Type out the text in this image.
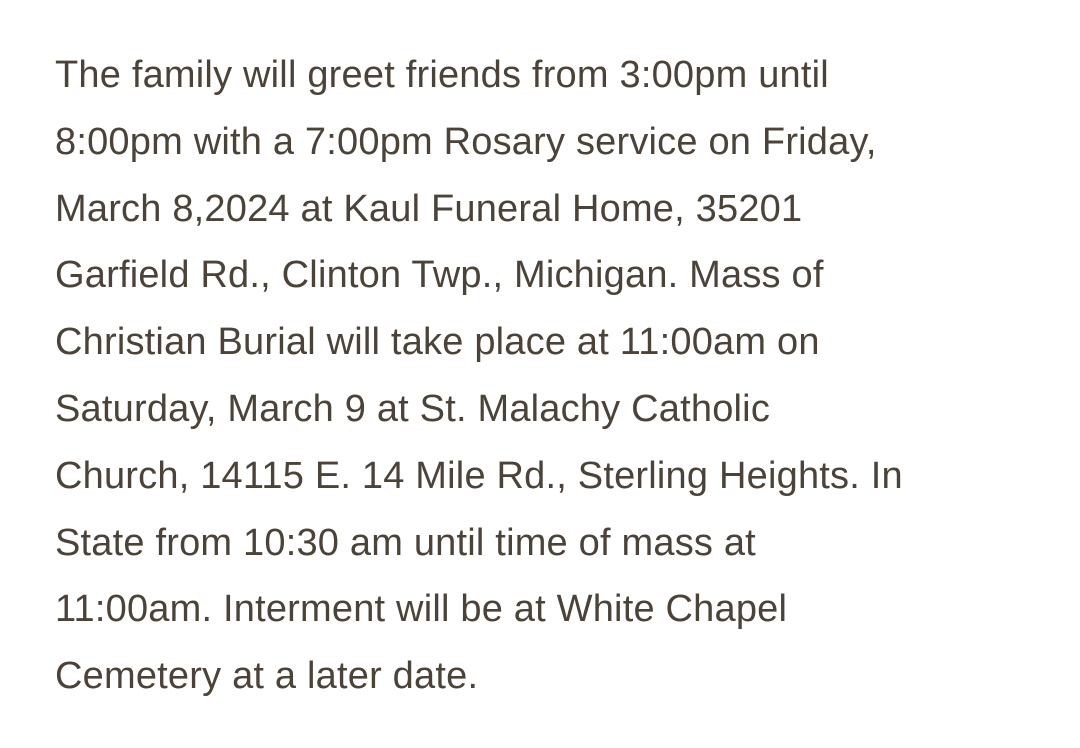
The family will greet friends from 3:00pm until
8:00pm with a 7:00pm Rosary service on Friday,
March 8,2024 at Kaul Funeral Home, 35201
Garfield Rd., Clinton Twp., Michigan. Mass of
Christian Burial will take place at 11:00am on
Saturday, March 9 at St. Malachy Catholic
Church, 14115 E. 14 Mile Rd., Sterling Heights. In
State from 10:30 am until time of mass at
11:00am. Interment will be at White Chapel
Cemetery at a later date.
